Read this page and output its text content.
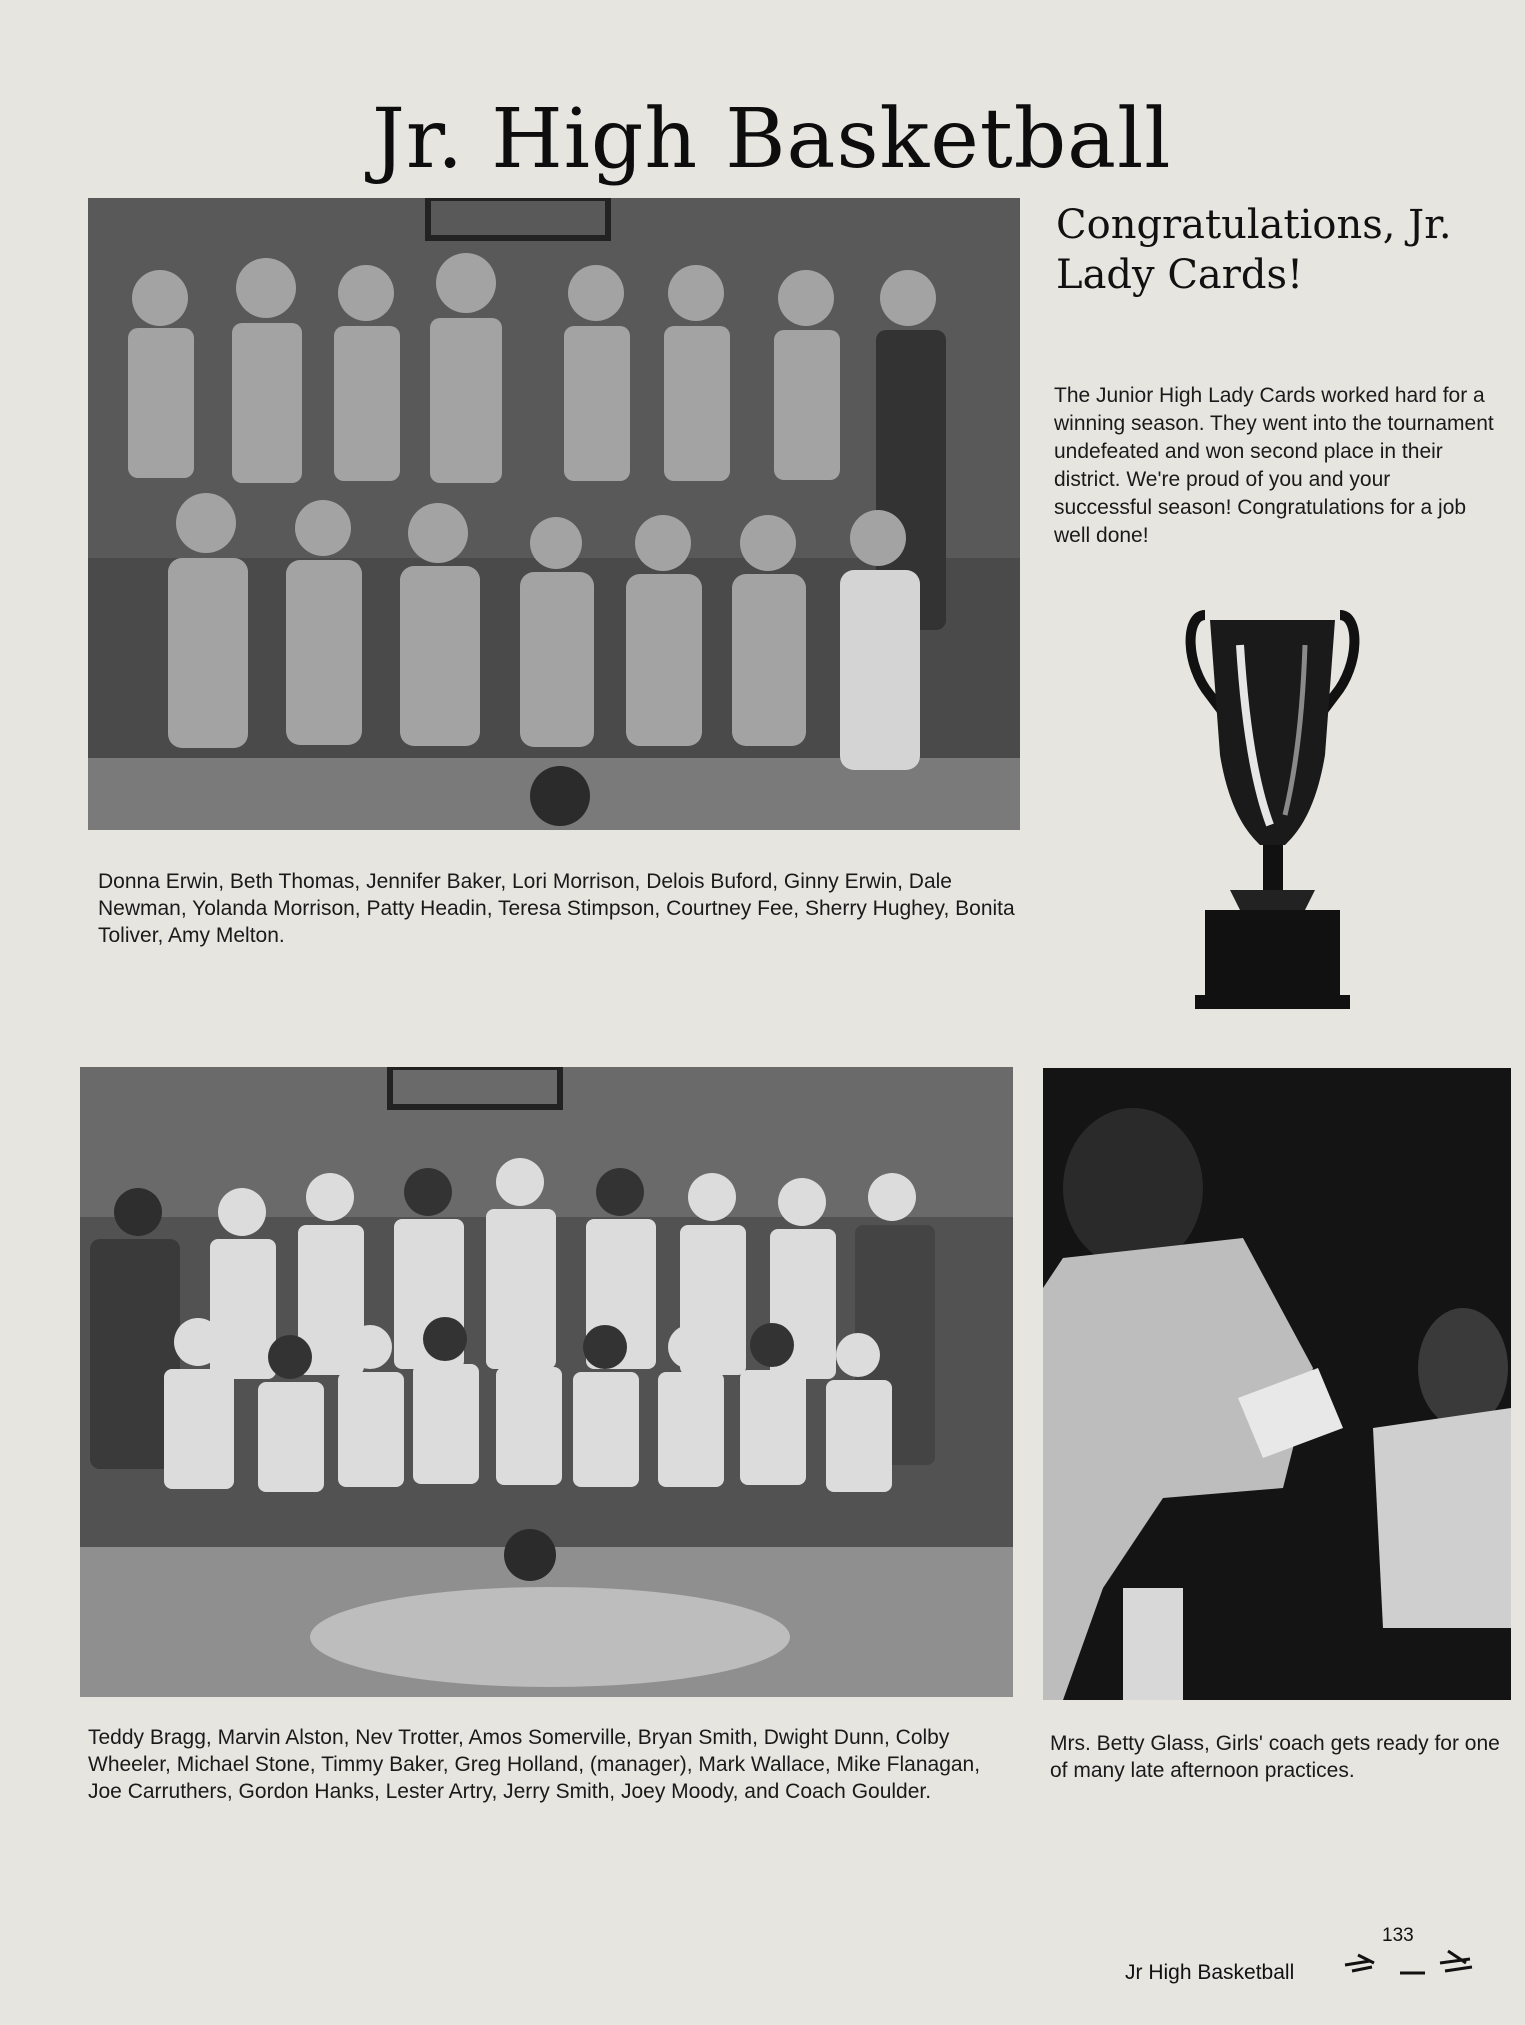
Jr. High Basketball
Congratulations, Jr. Lady Cards!
The Junior High Lady Cards worked hard for a winning season. They went into the tournament undefeated and won second place in their district. We're proud of you and your successful season! Congratulations for a job well done!
Donna Erwin, Beth Thomas, Jennifer Baker, Lori Morrison, Delois Buford, Ginny Erwin, Dale Newman, Yolanda Morrison, Patty Headin, Teresa Stimpson, Courtney Fee, Sherry Hughey, Bonita Toliver, Amy Melton.
Teddy Bragg, Marvin Alston, Nev Trotter, Amos Somerville, Bryan Smith, Dwight Dunn, Colby Wheeler, Michael Stone, Timmy Baker, Greg Holland, (manager), Mark Wallace, Mike Flanagan, Joe Carruthers, Gordon Hanks, Lester Artry, Jerry Smith, Joey Moody, and Coach Goulder.
Mrs. Betty Glass, Girls' coach gets ready for one of many late afternoon practices.
Jr High Basketball
133
